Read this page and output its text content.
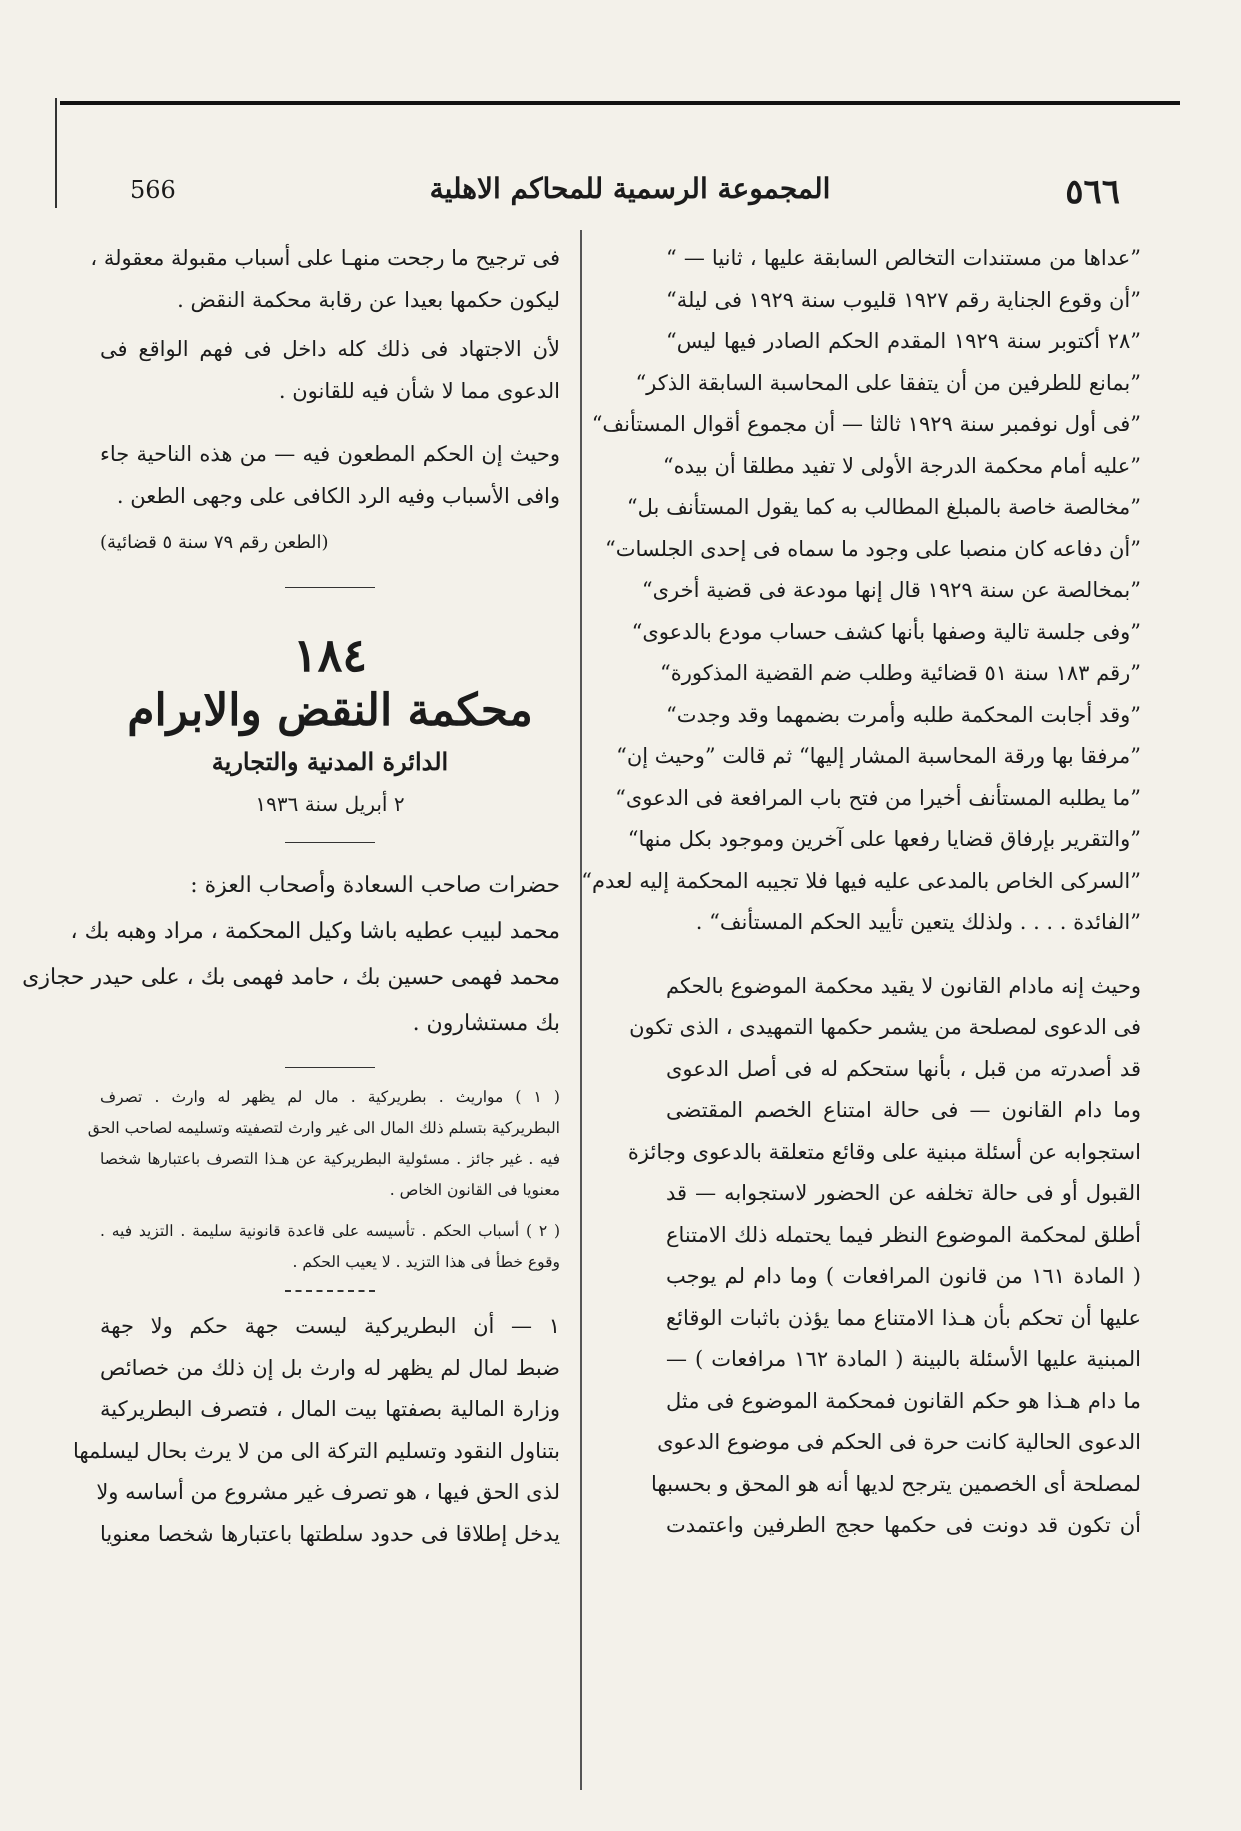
٥٦٦
المجموعة الرسمية للمحاكم الاهلية
566
”عداها من مستندات التخالص السابقة عليها ، ثانيا — “
”أن وقوع الجناية رقم ١٩٢٧ قليوب سنة ١٩٢٩ فى ليلة“
”٢٨ أكتوبر سنة ١٩٢٩ المقدم الحكم الصادر فيها ليس“
”بمانع للطرفين من أن يتفقا على المحاسبة السابقة الذكر“
”فى أول نوفمبر سنة ١٩٢٩ ثالثا — أن مجموع أقوال المستأنف“
”عليه أمام محكمة الدرجة الأولى لا تفيد مطلقا أن بيده“
”مخالصة خاصة بالمبلغ المطالب به كما يقول المستأنف بل“
”أن دفاعه كان منصبا على وجود ما سماه فى إحدى الجلسات“
”بمخالصة عن سنة ١٩٢٩ قال إنها مودعة فى قضية أخرى“
”وفى جلسة تالية وصفها بأنها كشف حساب مودع بالدعوى“
”رقم ١٨٣ سنة ٥١ قضائية وطلب ضم القضية المذكورة“
”وقد أجابت المحكمة طلبه وأمرت بضمهما وقد وجدت“
”مرفقا بها ورقة المحاسبة المشار إليها“ ثم قالت ”وحيث إن“
”ما يطلبه المستأنف أخيرا من فتح باب المرافعة فى الدعوى“
”والتقرير بإرفاق قضايا رفعها على آخرين وموجود بكل منها“
”السركى الخاص بالمدعى عليه فيها فلا تجيبه المحكمة إليه لعدم“
”الفائدة . . . . ولذلك يتعين تأييد الحكم المستأنف“ .
وحيث إنه مادام القانون لا يقيد محكمة الموضوع بالحكم
فى الدعوى لمصلحة من يشمر حكمها التمهيدى ، الذى تكون
قد أصدرته من قبل ، بأنها ستحكم له فى أصل الدعوى
وما دام القانون — فى حالة امتناع الخصم المقتضى
استجوابه عن أسئلة مبنية على وقائع متعلقة بالدعوى وجائزة
القبول أو فى حالة تخلفه عن الحضور لاستجوابه — قد
أطلق لمحكمة الموضوع النظر فيما يحتمله ذلك الامتناع
( المادة ١٦١ من قانون المرافعات ) وما دام لم يوجب
عليها أن تحكم بأن هـذا الامتناع مما يؤذن باثبات الوقائع
المبنية عليها الأسئلة بالبينة ( المادة ١٦٢ مرافعات ) —
ما دام هـذا هو حكم القانون فمحكمة الموضوع فى مثل
الدعوى الحالية كانت حرة فى الحكم فى موضوع الدعوى
لمصلحة أى الخصمين يترجح لديها أنه هو المحق و بحسبها
أن تكون قد دونت فى حكمها حجج الطرفين واعتمدت
فى ترجيح ما رجحت منهـا على أسباب مقبولة معقولة ،
ليكون حكمها بعيدا عن رقابة محكمة النقض .
لأن الاجتهاد فى ذلك كله داخل فى فهم الواقع فى
الدعوى مما لا شأن فيه للقانون .
وحيث إن الحكم المطعون فيه — من هذه الناحية جاء
وافى الأسباب وفيه الرد الكافى على وجهى الطعن .
(الطعن رقم ٧٩ سنة ٥ قضائية)
١٨٤
محكمة النقض والابرام
الدائرة المدنية والتجارية
٢ أبريل سنة ١٩٣٦
حضرات صاحب السعادة وأصحاب العزة :
محمد لبيب عطيه باشا وكيل المحكمة ، مراد وهبه بك ،
محمد فهمى حسين بك ، حامد فهمى بك ، على حيدر حجازى
بك مستشارون .
( ١ ) مواريث . بطريركية . مال لم يظهر له وارث . تصرف
البطريركية بتسلم ذلك المال الى غير وارث لتصفيته وتسليمه لصاحب الحق
فيه . غير جائز . مسئولية البطريركية عن هـذا التصرف باعتبارها شخصا
معنويا فى القانون الخاص .
( ٢ ) أسباب الحكم . تأسيسه على قاعدة قانونية سليمة . التزيد فيه .
وقوع خطأ فى هذا التزيد . لا يعيب الحكم .
١ — أن البطريركية ليست جهة حكم ولا جهة
ضبط لمال لم يظهر له وارث بل إن ذلك من خصائص
وزارة المالية بصفتها بيت المال ، فتصرف البطريركية
بتناول النقود وتسليم التركة الى من لا يرث بحال ليسلمها
لذى الحق فيها ، هو تصرف غير مشروع من أساسه ولا
يدخل إطلاقا فى حدود سلطتها باعتبارها شخصا معنويا
